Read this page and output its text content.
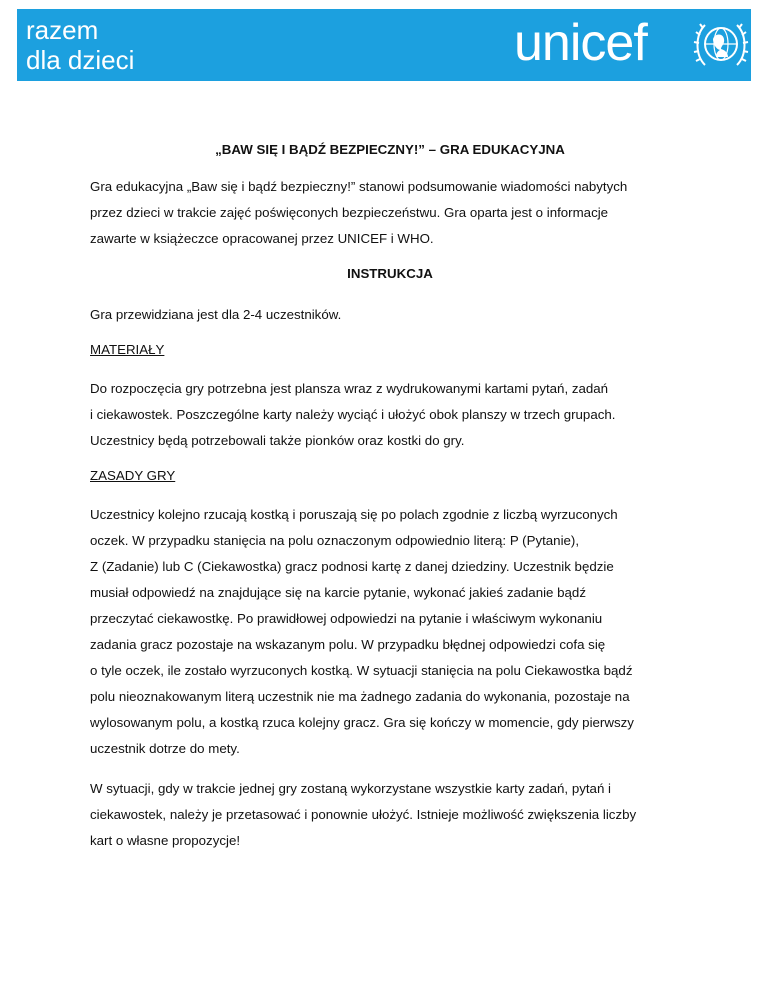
razem
dla dzieci	unicef
„BAW SIĘ I BĄDŹ BEZPIECZNY!” – GRA EDUKACYJNA
Gra edukacyjna „Baw się i bądź bezpieczny!” stanowi podsumowanie wiadomości nabytych
przez dzieci w trakcie zajęć poświęconych bezpieczeństwu. Gra oparta jest o informacje
zawarte w książeczce opracowanej przez UNICEF i WHO.
INSTRUKCJA
Gra przewidziana jest dla 2-4 uczestników.
MATERIAŁY
Do rozpoczęcia gry potrzebna jest plansza wraz z wydrukowanymi kartami pytań, zadań
i ciekawostek. Poszczególne karty należy wyciąć i ułożyć obok planszy w trzech grupach.
Uczestnicy będą potrzebowali także pionków oraz kostki do gry.
ZASADY GRY
Uczestnicy kolejno rzucają kostką i poruszają się po polach zgodnie z liczbą wyrzuconych
oczek. W przypadku stanięcia na polu oznaczonym odpowiednio literą: P (Pytanie),
Z (Zadanie) lub C (Ciekawostka) gracz podnosi kartę z danej dziedziny. Uczestnik będzie
musiał odpowiedź na znajdujące się na karcie pytanie, wykonać jakieś zadanie bądź
przeczytać ciekawostkę. Po prawidłowej odpowiedzi na pytanie i właściwym wykonaniu
zadania gracz pozostaje na wskazanym polu. W przypadku błędnej odpowiedzi cofa się
o tyle oczek, ile zostało wyrzuconych kostką. W sytuacji stanięcia na polu Ciekawostka bądź
polu nieoznakowanym literą uczestnik nie ma żadnego zadania do wykonania, pozostaje na
wylosowanym polu, a kostką rzuca kolejny gracz. Gra się kończy w momencie, gdy pierwszy
uczestnik dotrze do mety.
W sytuacji, gdy w trakcie jednej gry zostaną wykorzystane wszystkie karty zadań, pytań i
ciekawostek, należy je przetasować i ponownie ułożyć. Istnieje możliwość zwiększenia liczby
kart o własne propozycje!
